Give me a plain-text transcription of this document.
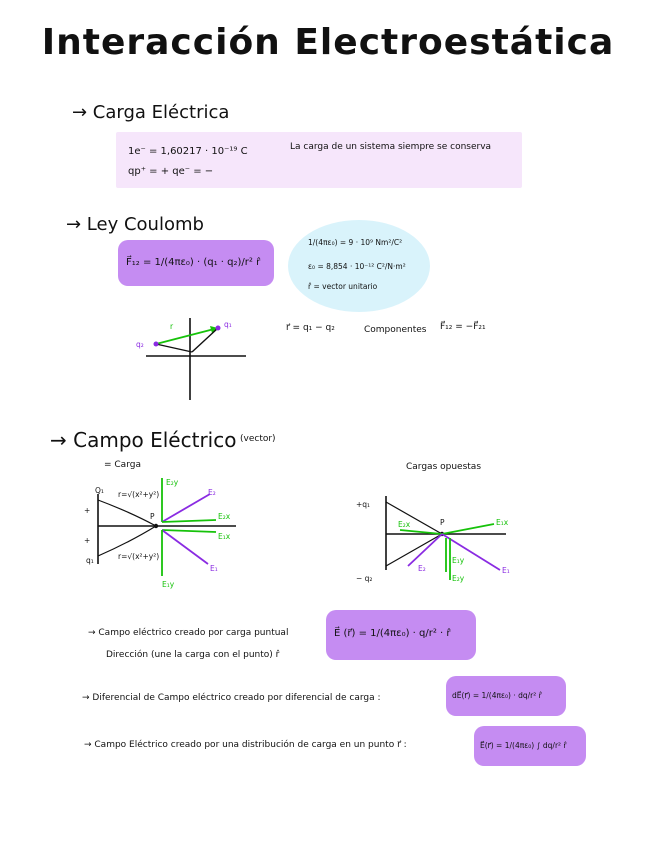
Interacción Electroestática
→ Carga Eléctrica
1e⁻ = 1,60217 · 10⁻¹⁹ C
qp⁺ = + qe⁻ = −
La carga de un sistema siempre se conserva
→ Ley Coulomb
F⃗₁₂ = 1/(4πε₀) · (q₁ · q₂)/r² r̂
1/(4πε₀) = 9 · 10⁹ Nm²/C²
ε₀ = 8,854 · 10⁻¹² C²/N·m²
r̂ = vector unitario
r	q₁
q₂
r⃗ = q₁ − q₂	Componentes F⃗₁₂ = −F⃗₂₁
→ Campo Eléctrico (vector)
= Carga	Cargas opuestas
Q₁
q₁
+
+
r=√(x²+y²)
r=√(x²+y²)
P
E₂y
E₂
E₂x
E₁x
E₁
E₁y
+q₁
− q₂
P
E₂x	E₁x
E₂	E₁
E₁y
E₂y
→ Campo eléctrico creado por carga puntual
Dirección (une la carga con el punto) r̂
E⃗ (r⃗) = 1/(4πε₀) · q/r² · r̂
→ Diferencial de Campo eléctrico creado por diferencial de carga :	dE⃗(r⃗) = 1/(4πε₀) · dq/r² r̂
→ Campo Eléctrico creado por una distribución de carga en un punto r⃗ :	E⃗(r⃗) = 1/(4πε₀) ∫ dq/r² r̂
